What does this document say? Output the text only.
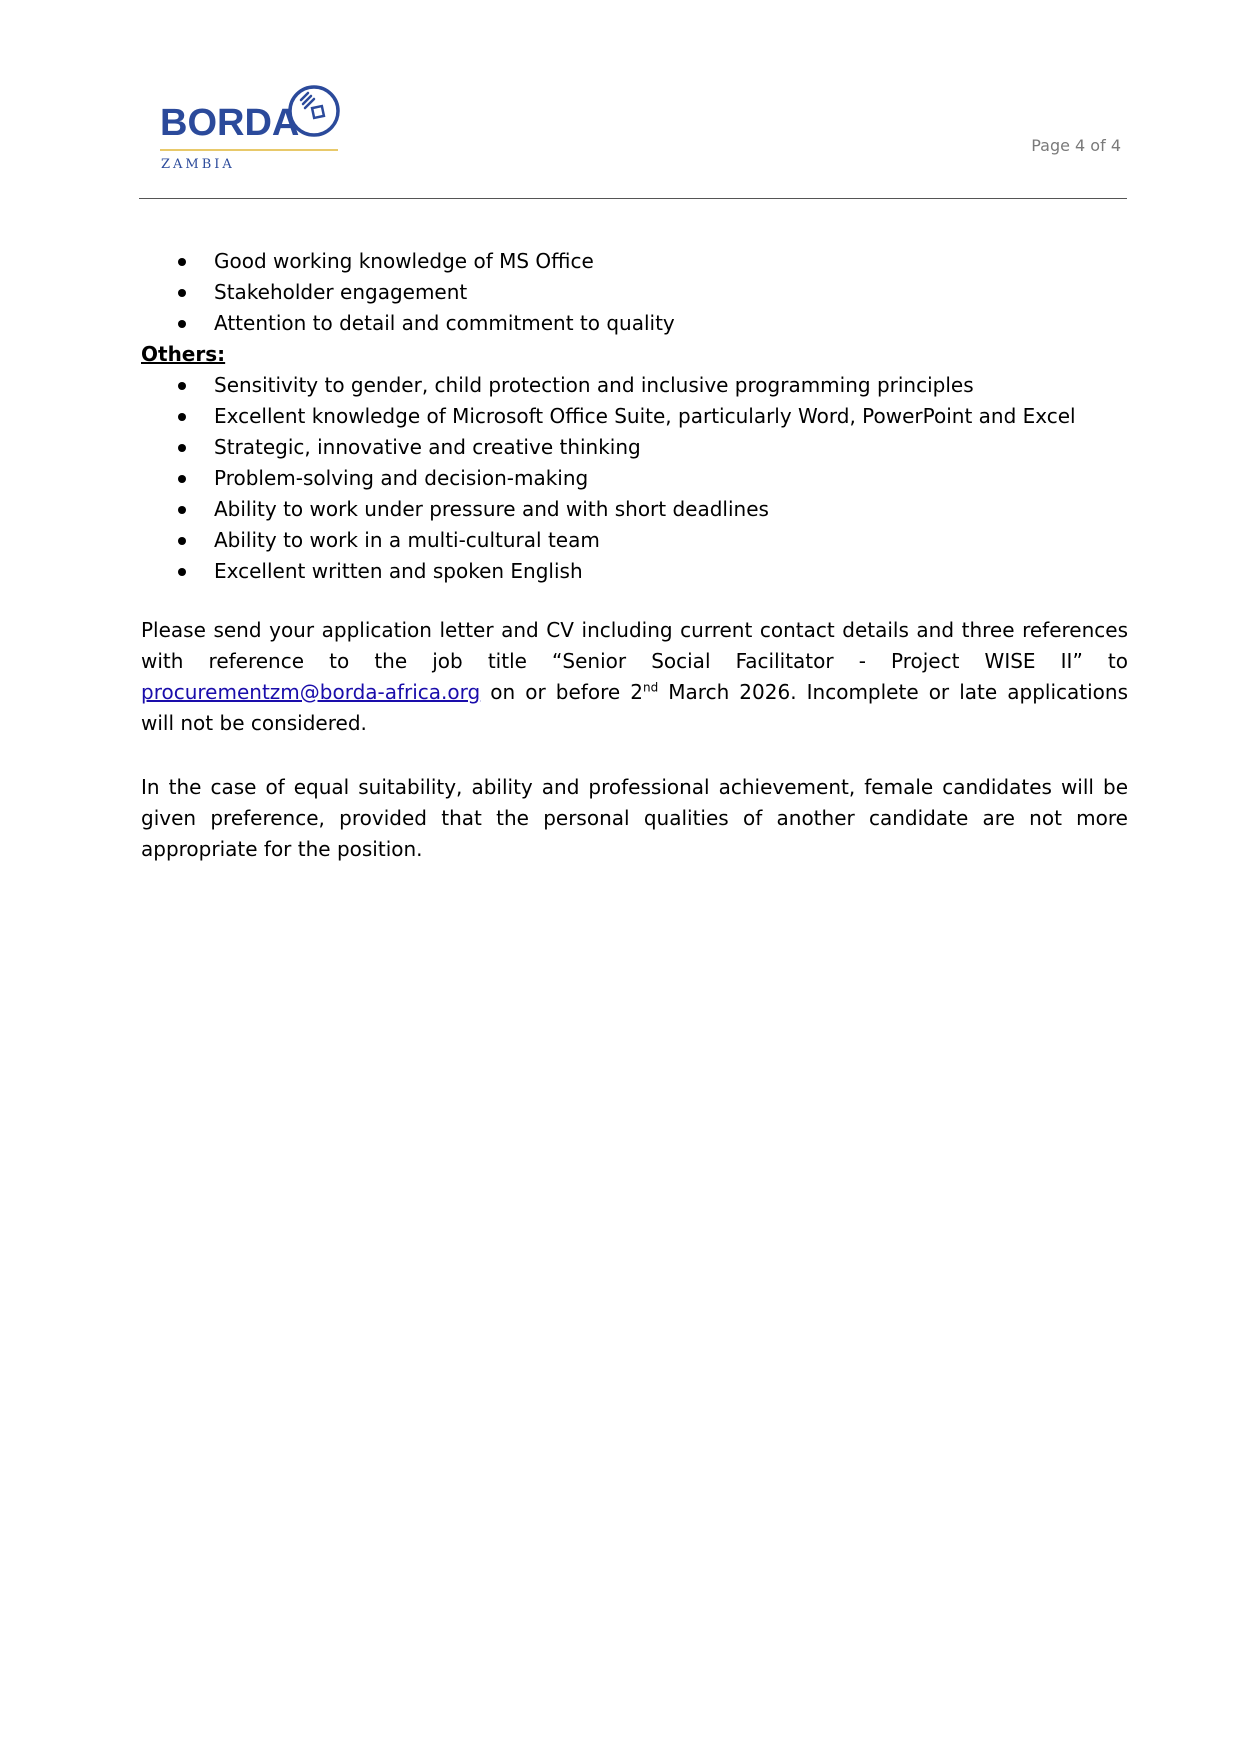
BORDA
ZAMBIA
Page 4 of 4
Good working knowledge of MS Office
Stakeholder engagement
Attention to detail and commitment to quality
Others:
Sensitivity to gender, child protection and inclusive programming principles
Excellent knowledge of Microsoft Office Suite, particularly Word, PowerPoint and Excel
Strategic, innovative and creative thinking
Problem-solving and decision-making
Ability to work under pressure and with short deadlines
Ability to work in a multi-cultural team
Excellent written and spoken English

Please send your application letter and CV including current contact details and three references with reference to the job title “Senior Social Facilitator - Project WISE II” to procurementzm@borda-africa.org on or before 2nd March 2026. Incomplete or late applications will not be considered.

In the case of equal suitability, ability and professional achievement, female candidates will be given preference, provided that the personal qualities of another candidate are not more appropriate for the position.
